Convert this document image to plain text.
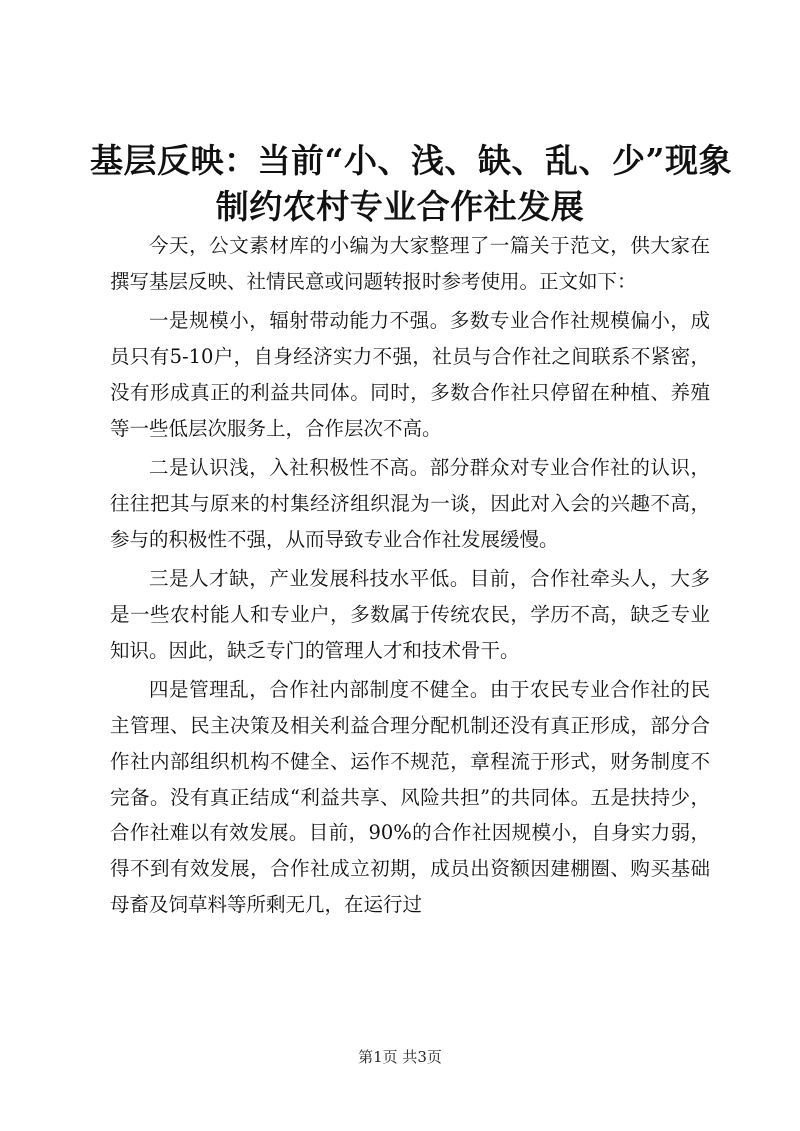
基层反映：当前“小、浅、缺、乱、少”现象
制约农村专业合作社发展

今天，公文素材库的小编为大家整理了一篇关于范文，供大家在撰写基层反映、社情民意或问题转报时参考使用。正文如下：

一是规模小，辐射带动能力不强。多数专业合作社规模偏小，成员只有5-10户，自身经济实力不强，社员与合作社之间联系不紧密，没有形成真正的利益共同体。同时，多数合作社只停留在种植、养殖等一些低层次服务上，合作层次不高。

二是认识浅，入社积极性不高。部分群众对专业合作社的认识，往往把其与原来的村集经济组织混为一谈，因此对入会的兴趣不高，参与的积极性不强，从而导致专业合作社发展缓慢。

三是人才缺，产业发展科技水平低。目前，合作社牵头人，大多是一些农村能人和专业户，多数属于传统农民，学历不高，缺乏专业知识。因此，缺乏专门的管理人才和技术骨干。

四是管理乱，合作社内部制度不健全。由于农民专业合作社的民主管理、民主决策及相关利益合理分配机制还没有真正形成，部分合作社内部组织机构不健全、运作不规范，章程流于形式，财务制度不完备。没有真正结成“利益共享、风险共担”的共同体。五是扶持少，合作社难以有效发展。目前，90%的合作社因规模小，自身实力弱，得不到有效发展，合作社成立初期，成员出资额因建棚圈、购买基础母畜及饲草料等所剩无几，在运行过

第1页 共3页
